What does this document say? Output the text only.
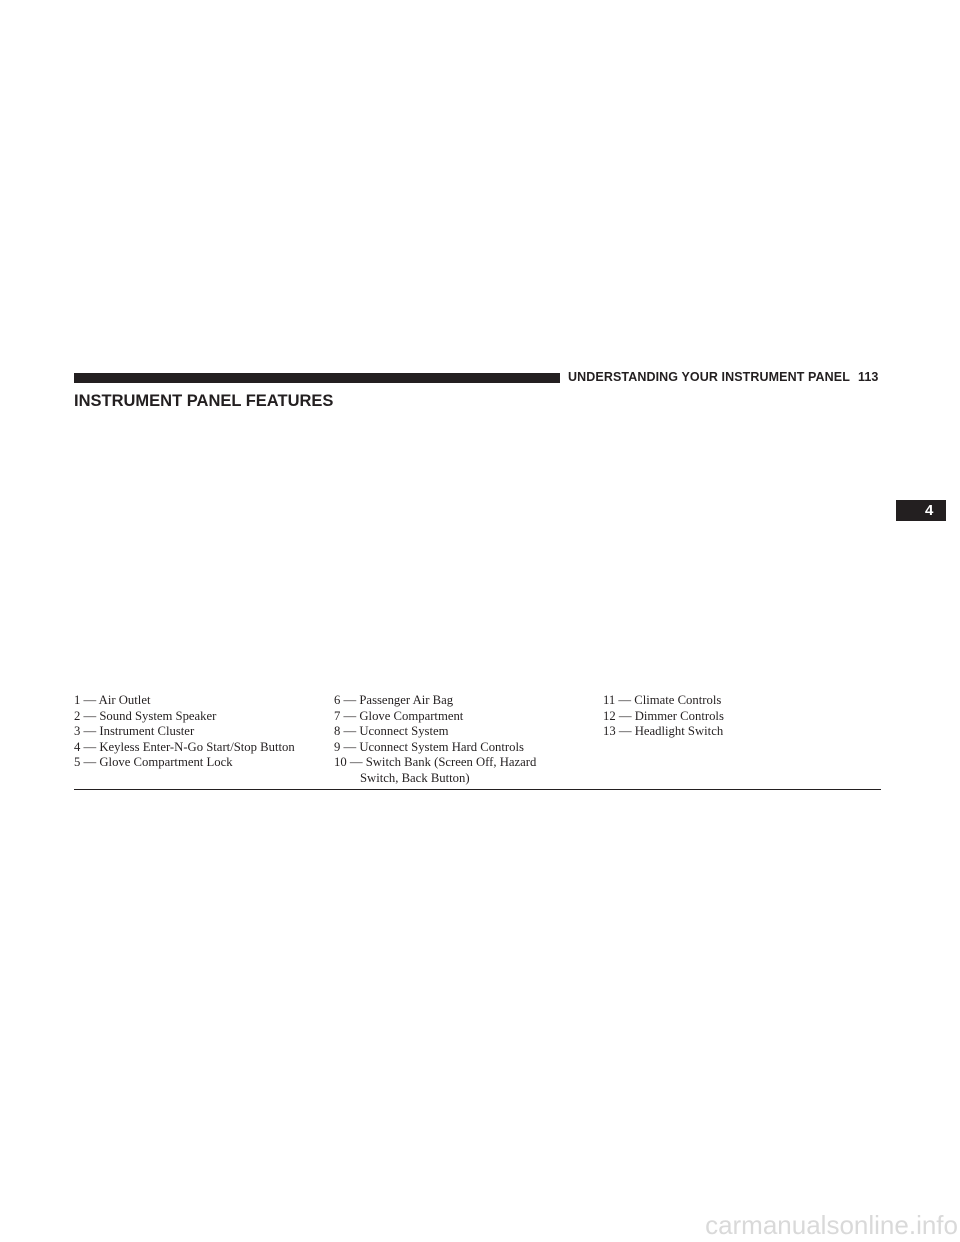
UNDERSTANDING YOUR INSTRUMENT PANEL 113
INSTRUMENT PANEL FEATURES
4
1 — Air Outlet
2 — Sound System Speaker
3 — Instrument Cluster
4 — Keyless Enter-N-Go Start/Stop Button
5 — Glove Compartment Lock
6 — Passenger Air Bag
7 — Glove Compartment
8 — Uconnect System
9 — Uconnect System Hard Controls
10 — Switch Bank (Screen Off, Hazard
Switch, Back Button)
11 — Climate Controls
12 — Dimmer Controls
13 — Headlight Switch
carmanualsonline.info
